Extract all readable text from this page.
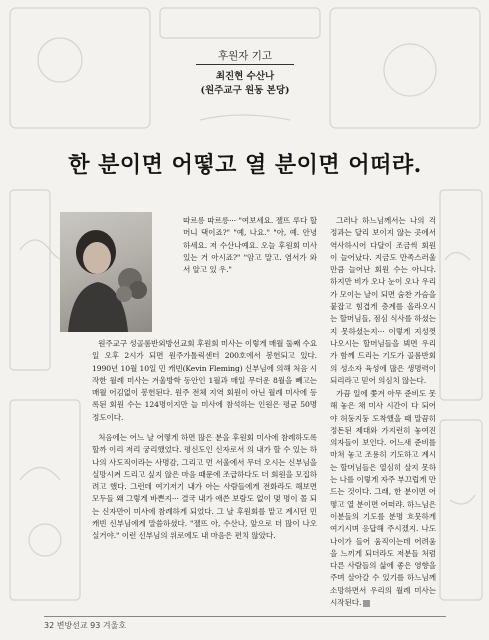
후원자 기고
최진현 수산나
(원주교구 원동 본당)
한 분이면 어떻고 열 분이면 어떠랴.

따르릉 따르릉··· "여보세요. 젤뜨 루다 할머니 댁이죠?" "예, 나요." "아, 예. 안녕하세요. 저 수산나예요. 오늘 후원회 미사 있는 거 아시죠?" "암고 말고. 염서가 와서 알고 있 우."

원주교구 성골롬반외방선교회 후원회 미사는 이렇게 매월 둘째 수요일 오후 2시가 되면 원주가톨릭센터 200호에서 봉헌되고 있다. 1990년 10월 10일 민 캐빈(Kevin Fleming) 신부님에 의해 처음 시작한 월례 미사는 겨울방학 동안인 1월과 매일 무더운 8월을 빼고는 매월 어김없이 봉헌된다. 원주 전체 지역 회원이 아닌 월례 미사에 등록된 회원 수는 124명이지만 늘 미사에 참석하는 인원은 평균 50명 정도이다.

처음에는 어느 날 어떻게 하면 많은 분을 후원회 미사에 참례하도록 할까 이리 저리 궁리했었다. 평신도인 신자로서 의 내가 할 수 있는 하나의 사도직이라는 사명감, 그리고 먼 서울에서 무더 오시는 신부님을 실망시켜 드리고 싶지 않은 마음 때문에 조급하다도 더 회원을 모집하려고 했다. 그런데 여기저기 내가 아는 사람들에게 전화라도 해보면 모두들 왜 그렇게 바쁜지··· 결국 내가 애쓴 보람도 없이 몇 명이 몰 되는 신자만이 미사에 참례하게 되었다. 그 날 후원회를 맡고 계시던 민 캐빈 신부님에게 말씀하셨다. "젤뜨 아, 수산나, 앞으로 더 많이 나오실거야." 이런 신부님의 위로에도 내 마음은 편치 않았다.

그러나 하느님께서는 나의 걱정과는 달리 보이지 않는 곳에서 역사하시어 다달이 조금씩 회원이 늘어났다. 지금도 만족스러울 만큼 늘어난 회원 수는 아니다. 하지만 비가 오나 눈이 오나 우리가 모이는 날이 되면 숨찬 가슴을 붙잡고 힘겹게 층계를 올라오시는 할머님들, 점심 식사를 하셨는지 못하셨는지··· 이렇게 지성껏 나오시는 할머님들을 뵈면 우리가 함께 드리는 기도가 골롬반회의 성소자 육성에 많은 생명력이 되리라고 믿어 의심치 않는다.

가끔 일에 쫓겨 아무 준비도 못해 놓은 채 미사 시간이 다 되어야 허둥지둥 도착했을 때 말끔히 정돈된 제대와 가지런히 놓여진 의자들이 보인다. 어느새 준비를 마쳐 놓고 조용히 기도하고 계시는 할머님들은 열심히 살지 못하는 나를 이렇게 자주 부끄럽게 만드는 것이다. 그래, 한 분이면 어떻고 열 분이면 어떠랴. 하느님은 이분들의 기도를 분명 흐뭇하게 여기시며 응답해 주시겠지. 나도 나이가 들어 움직이는데 어려움을 느끼게 되더라도 저분들 처럼 다른 사람들의 삶에 좋은 영향을 주며 살아갈 수 있기를 하느님께 소망하면서 우리의 월례 미사는 시작된다.

32 변방선교 93 겨울호
